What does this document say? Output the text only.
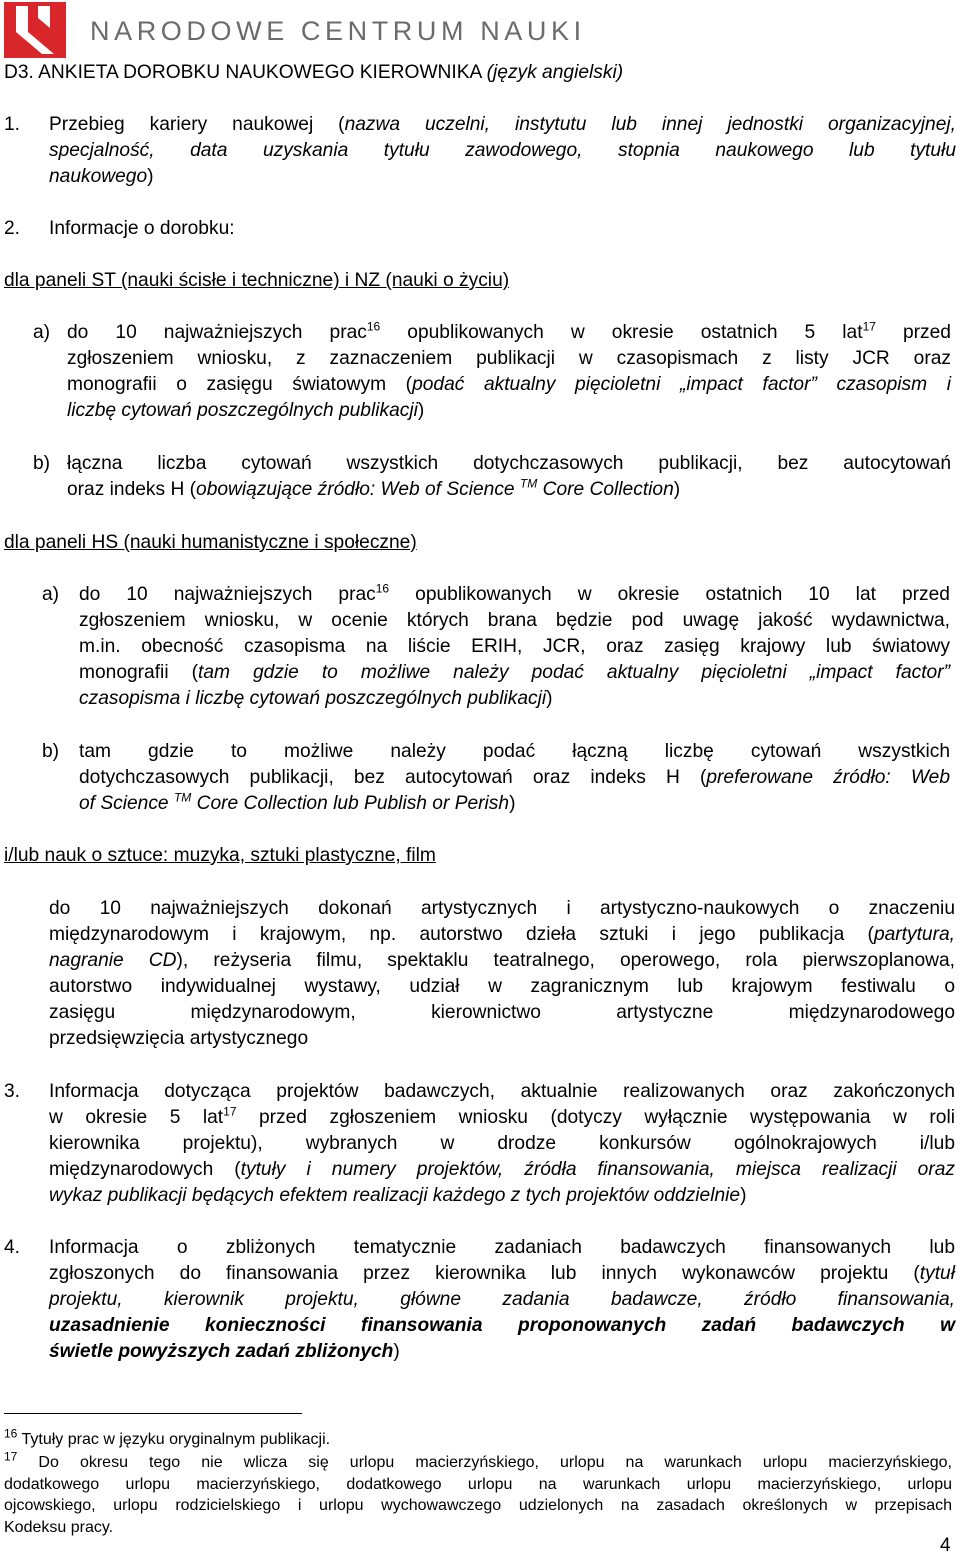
NARODOWE CENTRUM NAUKI
D3. ANKIETA DOROBKU NAUKOWEGO KIEROWNIKA (język angielski)
1. Przebieg kariery naukowej (nazwa uczelni, instytutu lub innej jednostki organizacyjnej,
specjalność, data uzyskania tytułu zawodowego, stopnia naukowego lub tytułu
naukowego)
2. Informacje o dorobku:
dla paneli ST (nauki ścisłe i techniczne) i NZ (nauki o życiu)
a) do 10 najważniejszych prac$^{16}$ opublikowanych w okresie ostatnich 5 lat$^{17}$ przed
zgłoszeniem wniosku, z zaznaczeniem publikacji w czasopismach z listy JCR oraz
monografii o zasięgu światowym (podać aktualny pięcioletni „impact factor” czasopism i
liczbę cytowań poszczególnych publikacji)
b) łączna liczba cytowań wszystkich dotychczasowych publikacji, bez autocytowań
oraz indeks H (obowiązujące źródło: Web of Science ™ Core Collection)
dla paneli HS (nauki humanistyczne i społeczne)
a) do 10 najważniejszych prac$^{16}$ opublikowanych w okresie ostatnich 10 lat przed
zgłoszeniem wniosku, w ocenie których brana będzie pod uwagę jakość wydawnictwa,
m.in. obecność czasopisma na liście ERIH, JCR, oraz zasięg krajowy lub światowy
monografii (tam gdzie to możliwe należy podać aktualny pięcioletni „impact factor”
czasopisma i liczbę cytowań poszczególnych publikacji)
b) tam gdzie to możliwe należy podać łączną liczbę cytowań wszystkich
dotychczasowych publikacji, bez autocytowań oraz indeks H (preferowane źródło: Web
of Science ™ Core Collection lub Publish or Perish)
i/lub nauk o sztuce: muzyka, sztuki plastyczne, film
do 10 najważniejszych dokonań artystycznych i artystyczno-naukowych o znaczeniu
międzynarodowym i krajowym, np. autorstwo dzieła sztuki i jego publikacja (partytura,
nagranie CD), reżyseria filmu, spektaklu teatralnego, operowego, rola pierwszoplanowa,
autorstwo indywidualnej wystawy, udział w zagranicznym lub krajowym festiwalu o
zasięgu międzynarodowym, kierownictwo artystyczne międzynarodowego
przedsięwzięcia artystycznego
3. Informacja dotycząca projektów badawczych, aktualnie realizowanych oraz zakończonych
w okresie 5 lat$^{17}$ przed zgłoszeniem wniosku (dotyczy wyłącznie występowania w roli
kierownika projektu), wybranych w drodze konkursów ogólnokrajowych i/lub
międzynarodowych (tytuły i numery projektów, źródła finansowania, miejsca realizacji oraz
wykaz publikacji będących efektem realizacji każdego z tych projektów oddzielnie)
4. Informacja o zbliżonych tematycznie zadaniach badawczych finansowanych lub
zgłoszonych do finansowania przez kierownika lub innych wykonawców projektu (tytuł
projektu, kierownik projektu, główne zadania badawcze, źródło finansowania,
uzasadnienie konieczności finansowania proponowanych zadań badawczych w
świetle powyższych zadań zbliżonych)
$^{16}$ Tytuły prac w języku oryginalnym publikacji.
$^{17}$ Do okresu tego nie wlicza się urlopu macierzyńskiego, urlopu na warunkach urlopu macierzyńskiego,
dodatkowego urlopu macierzyńskiego, dodatkowego urlopu na warunkach urlopu macierzyńskiego, urlopu
ojcowskiego, urlopu rodzicielskiego i urlopu wychowawczego udzielonych na zasadach określonych w przepisach
Kodeksu pracy.
4
